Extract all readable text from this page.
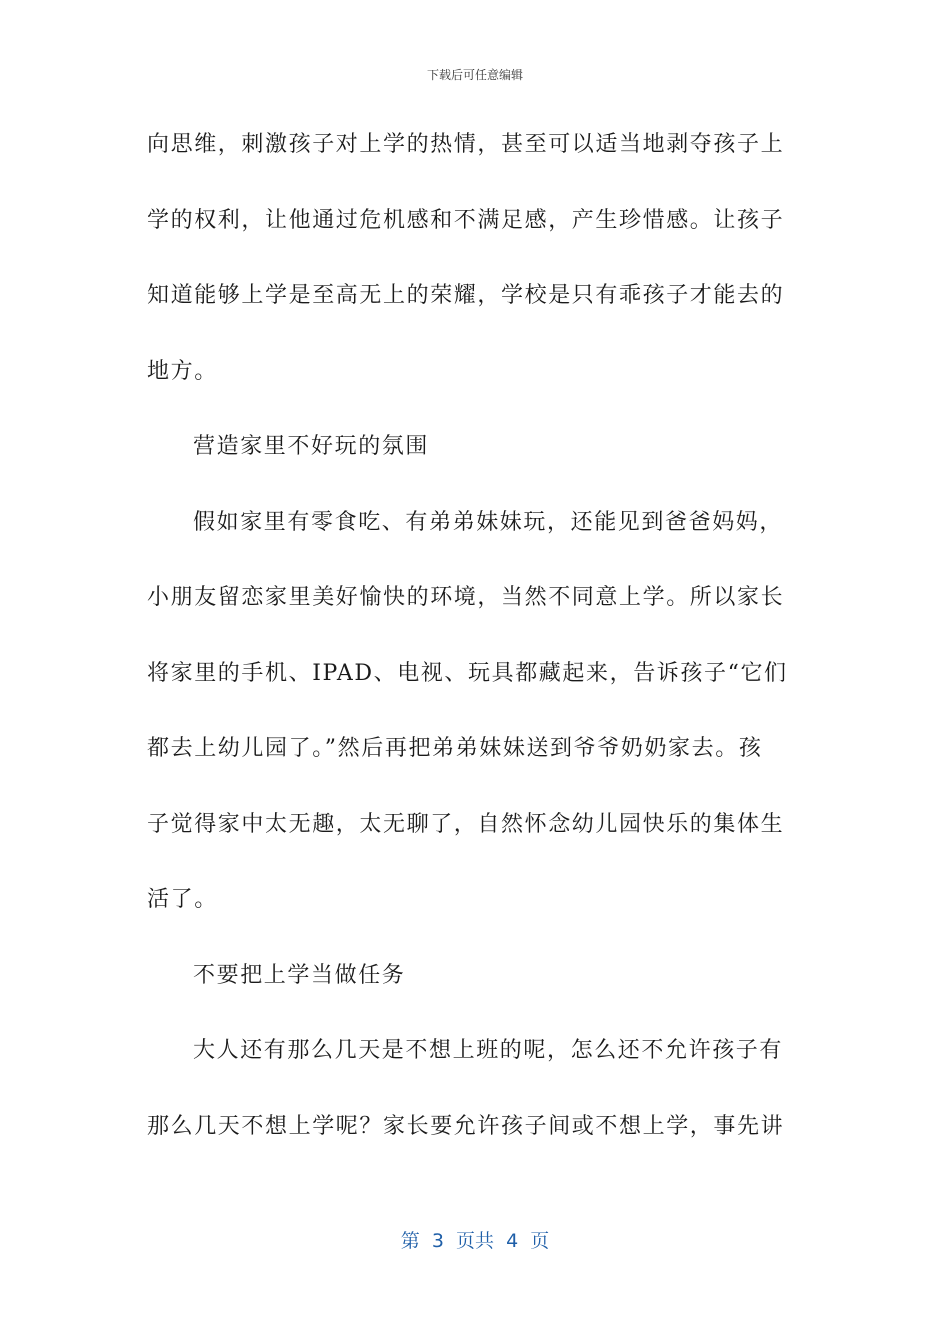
下载后可任意编辑
向思维，刺激孩子对上学的热情，甚至可以适当地剥夺孩子上
学的权利，让他通过危机感和不满足感，产生珍惜感。让孩子
知道能够上学是至高无上的荣耀，学校是只有乖孩子才能去的
地方。
营造家里不好玩的氛围
假如家里有零食吃、有弟弟妹妹玩，还能见到爸爸妈妈，
小朋友留恋家里美好愉快的环境，当然不同意上学。所以家长
将家里的手机、IPAD、电视、玩具都藏起来，告诉孩子“它们
都去上幼儿园了。”然后再把弟弟妹妹送到爷爷奶奶家去。孩
子觉得家中太无趣，太无聊了，自然怀念幼儿园快乐的集体生
活了。
不要把上学当做任务
大人还有那么几天是不想上班的呢，怎么还不允许孩子有
那么几天不想上学呢？家长要允许孩子间或不想上学，事先讲
第  3  页共  4  页
